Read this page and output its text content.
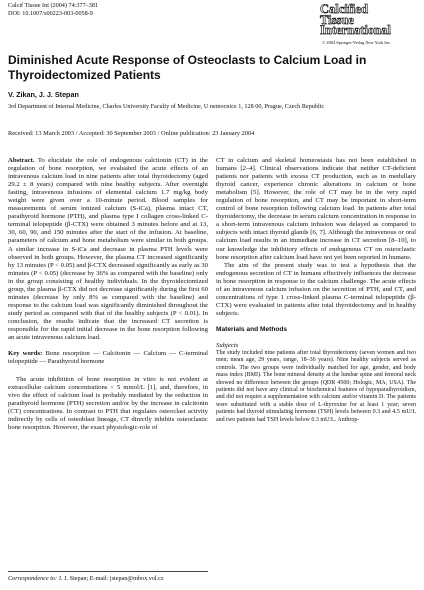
Calcif Tissue Int (2004) 74:377–381
DOI: 10.1007/s00223-003-0058-9	Calcified
Tissue
International
© 2004 Springer-Verlag New York Inc.
Diminished Acute Response of Osteoclasts to Calcium Load in Thyroidectomized Patients
V. Zikan, J. J. Stepan
3rd Department of Internal Medicine, Charles University Faculty of Medicine, U nemocnice 1, 128 00, Prague, Czech Republic
Received: 13 March 2003 / Accepted: 30 September 2003 / Online publication: 23 January 2004

Abstract. To elucidate the role of endogenous calcitonin (CT) in the regulation of bone resorption, we evaluated the acute effects of an intravenous calcium load in nine patients after total thyroidectomy (aged 29.2 ± 8 years) compared with nine healthy subjects. After overnight fasting, intravenous infusions of elemental calcium 1.7 mg/kg body weight were given over a 10-minute period. Blood samples for measurements of serum ionized calcium (S-iCa), plasma intact CT, parathyroid hormone (PTH), and plasma type I collagen cross-linked C-terminal telopeptide (β-CTX) were obtained 3 minutes before and at 13, 30, 60, 90, and 150 minutes after the start of the infusion. At baseline, parameters of calcium and bone metabolism were similar in both groups. A similar increase in S-iCa and decrease in plasma PTH levels were observed in both groups. However, the plasma CT increased significantly by 13 minutes (P < 0.05) and β-CTX decreased significantly as early as 30 minutes (P < 0.05) (decrease by 36% as compared with the baseline) only in the group consisting of healthy individuals. In the thyroidectomized group, the plasma β-CTX did not decrease significantly during the first 60 minutes (decrease by only 8% as compared with the baseline) and response to the calcium load was significantly diminished throughout the study period as compared with that of the healthy subjects (P < 0.01). In conclusion, the results indicate that the increased CT secretion is responsible for the rapid initial decrease in the bone resorption following an acute intravenous calcium load.

Key words: Bone resorption — Calcitonin — Calcium — C-terminal telopeptide — Parathyroid hormone

The acute inhibition of bone resorption in vitro is not evident at extracellular calcium concentrations < 5 mmol/L [1], and, therefore, in vivo the effect of calcium load is probably mediated by the reduction in parathyroid hormone (PTH) secretion and/or by the increase in calcitonin (CT) concentrations. In contrast to PTH that regulates osteoclast activity indirectly by cells of osteoblast lineage, CT directly inhibits osteoclastic bone resorption. However, the exact physiologic-role of

CT in calcium and skeletal homeostasis has not been established in humans [2–4]. Clinical observations indicate that neither CT-deficient patients nor patients with excess CT production, such as in medullary thyroid cancer, experience chronic alterations in calcium or bone metabolism [5]. However, the role of CT may be in the very rapid regulation of bone resorption, and CT may be important in short-term control of bone resorption following calcium load. In patients after total thyroidectomy, the decrease in serum calcium concentration in response to a short-term intravenous calcium infusion was delayed as compared to subjects with intact thyroid glands [6, 7]. Although the intravenous or oral calcium load results in an immediate increase in CT secretion [8–10], to our knowledge the inhibitory effects of endogenous CT on osteoclastic bone resorption after calcium load have not yet been reported in humans.

The aim of the present study was to test a hypothesis that the endogenous secretion of CT in humans effectively influences the decrease in bone resorption in response to the calcium challenge. The acute effects of an intravenous calcium infusion on the secretion of PTH, and CT, and concentrations of type 1 cross-linked plasma C-terminal telopeptide (β-CTX) were evaluated in patients after total thyroidectomy and in healthy subjects.

Materials and Methods

Subjects

The study included nine patients after total thyroidectomy (seven women and two men; mean age, 29 years, range, 18–36 years). Nine healthy subjects served as controls. The two groups were individually matched for age, gender, and body mass index (BMI). The bone mineral density at the lumbar spine and femoral neck showed no difference between the groups (QDR 4500; Hologic, MA, USA). The patients did not have any clinical or biochemical features of hypoparathyroidism, and did not require a supplementation with calcium and/or vitamin D. The patients were substituted with a stable dose of L-thyroxine for at least 1 year; seven patients had thyroid stimulating hormone (TSH) levels between 0.3 and 4.5 mU/L and two patients had TSH levels below 0.3 mU/L. Anthrop-

Correspondence to: J. J. Stepan; E-mail: jstepan@mbox.vol.cz
